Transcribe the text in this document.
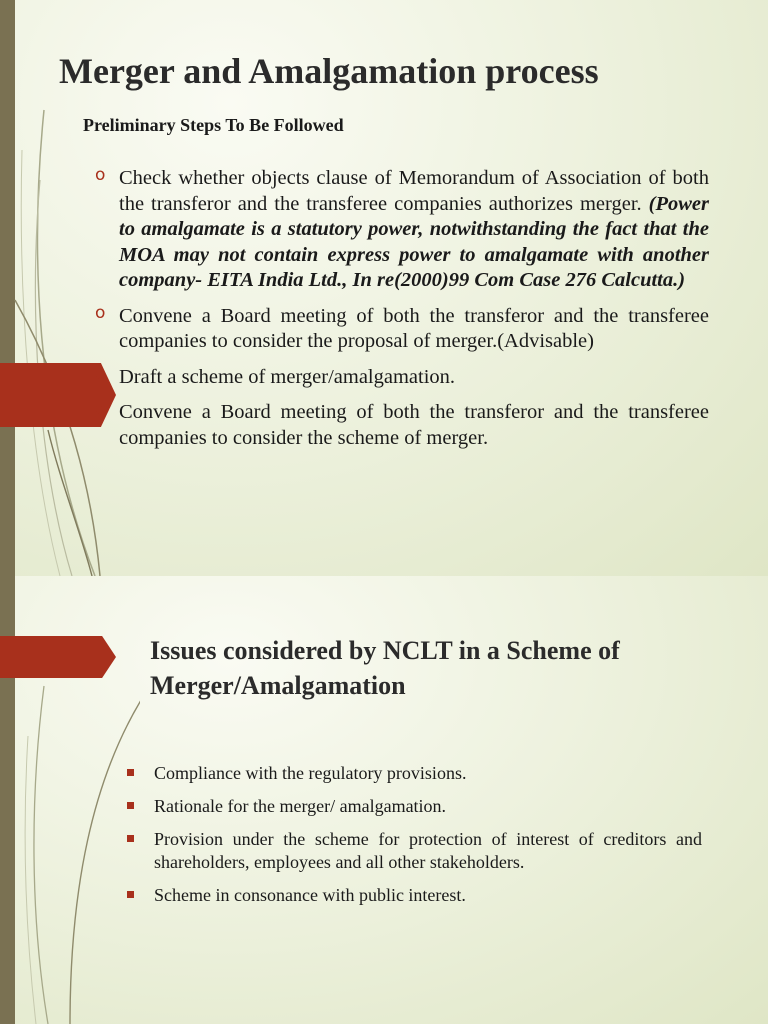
Merger and Amalgamation process
Preliminary Steps To Be Followed
o Check whether objects clause of Memorandum of Association of both the transferor and the transferee companies authorizes merger. (Power to amalgamate is a statutory power, notwithstanding the fact that the MOA may not contain express power to amalgamate with another company- EITA India Ltd., In re(2000)99 Com Case 276 Calcutta.)
o Convene a Board meeting of both the transferor and the transferee companies to consider the proposal of merger.(Advisable)
o Draft a scheme of merger/amalgamation.
o Convene a Board meeting of both the transferor and the transferee companies to consider the scheme of merger.
Issues considered by NCLT in a Scheme of Merger/Amalgamation
Compliance with the regulatory provisions.
Rationale for the merger/ amalgamation.
Provision under the scheme for protection of interest of creditors and shareholders, employees and all other stakeholders.
Scheme in consonance with public interest.
